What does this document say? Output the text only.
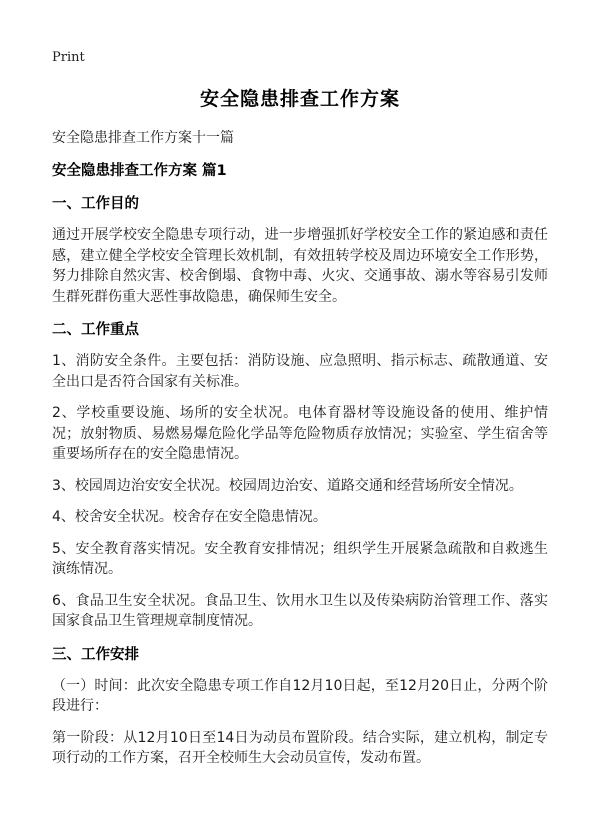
Print
安全隐患排查工作方案

安全隐患排查工作方案十一篇

安全隐患排查工作方案 篇1
一、工作目的

通过开展学校安全隐患专项行动，进一步增强抓好学校安全工作的紧迫感和责任感，建立健全学校安全管理长效机制，有效扭转学校及周边环境安全工作形势，努力排除自然灾害、校舍倒塌、食物中毒、火灾、交通事故、溺水等容易引发师生群死群伤重大恶性事故隐患，确保师生安全。

二、工作重点

1、消防安全条件。主要包括：消防设施、应急照明、指示标志、疏散通道、安全出口是否符合国家有关标准。

2、学校重要设施、场所的安全状况。电体育器材等设施设备的使用、维护情况；放射物质、易燃易爆危险化学品等危险物质存放情况；实验室、学生宿舍等重要场所存在的安全隐患情况。

3、校园周边治安安全状况。校园周边治安、道路交通和经营场所安全情况。

4、校舍安全状况。校舍存在安全隐患情况。

5、安全教育落实情况。安全教育安排情况；组织学生开展紧急疏散和自救逃生演练情况。

6、食品卫生安全状况。食品卫生、饮用水卫生以及传染病防治管理工作、落实国家食品卫生管理规章制度情况。

三、工作安排

（一）时间：此次安全隐患专项工作自12月10日起，至12月20日止，分两个阶段进行：

第一阶段：从12月10日至14日为动员布置阶段。结合实际，建立机构，制定专项行动的工作方案，召开全校师生大会动员宣传，发动布置。
